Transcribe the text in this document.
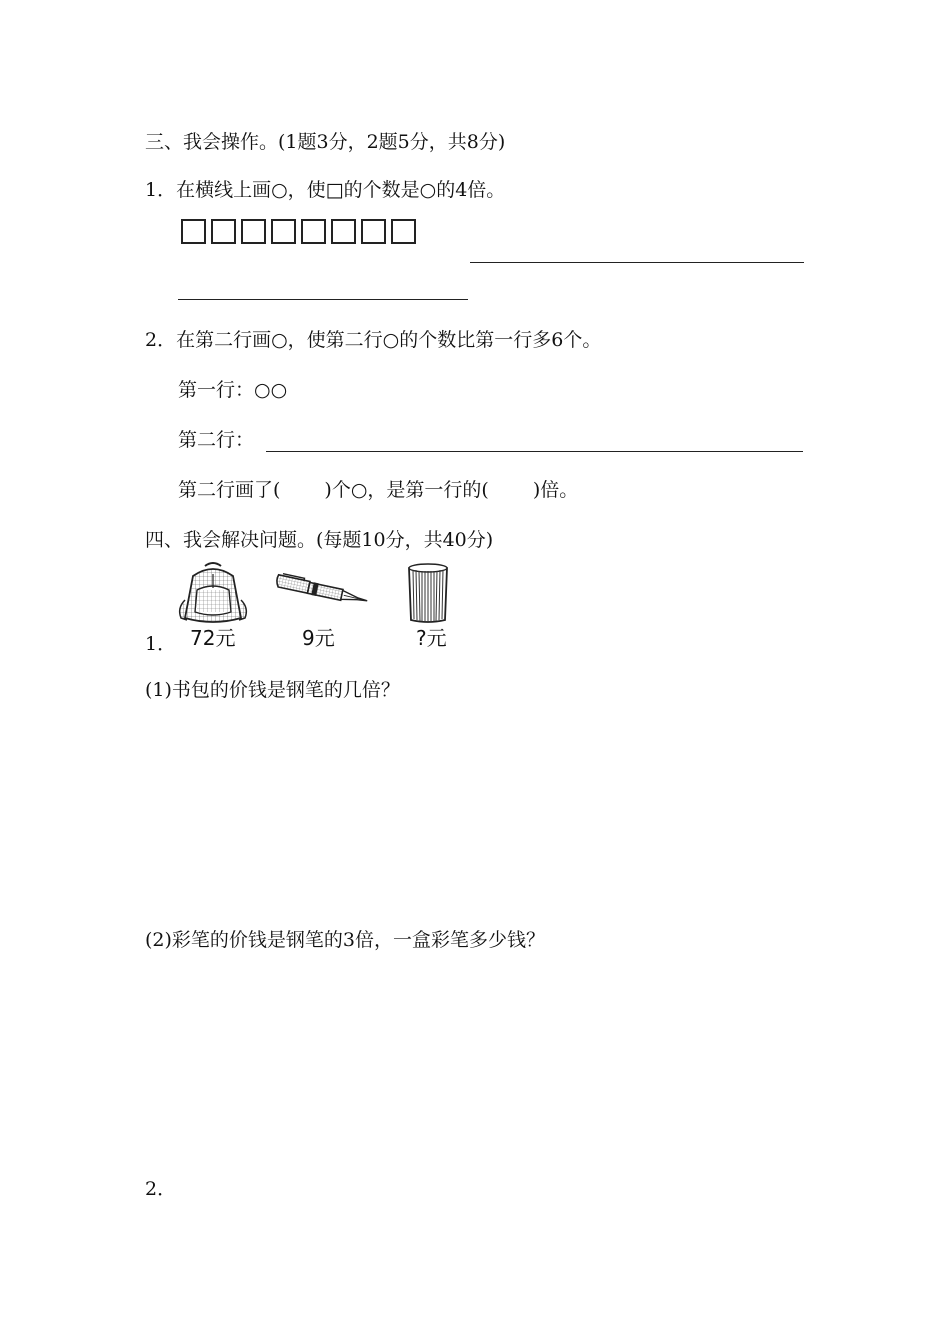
三、我会操作。(1题3分，2题5分，共8分)
1．在横线上画○，使□的个数是○的4倍。
2．在第二行画○，使第二行○的个数比第一行多6个。
第一行：○○
第二行：
第二行画了( )个○，是第一行的( )倍。
四、我会解决问题。(每题10分，共40分)
1． 72元	9元	?元
(1)书包的价钱是钢笔的几倍？
(2)彩笔的价钱是钢笔的3倍，一盒彩笔多少钱？
2．
